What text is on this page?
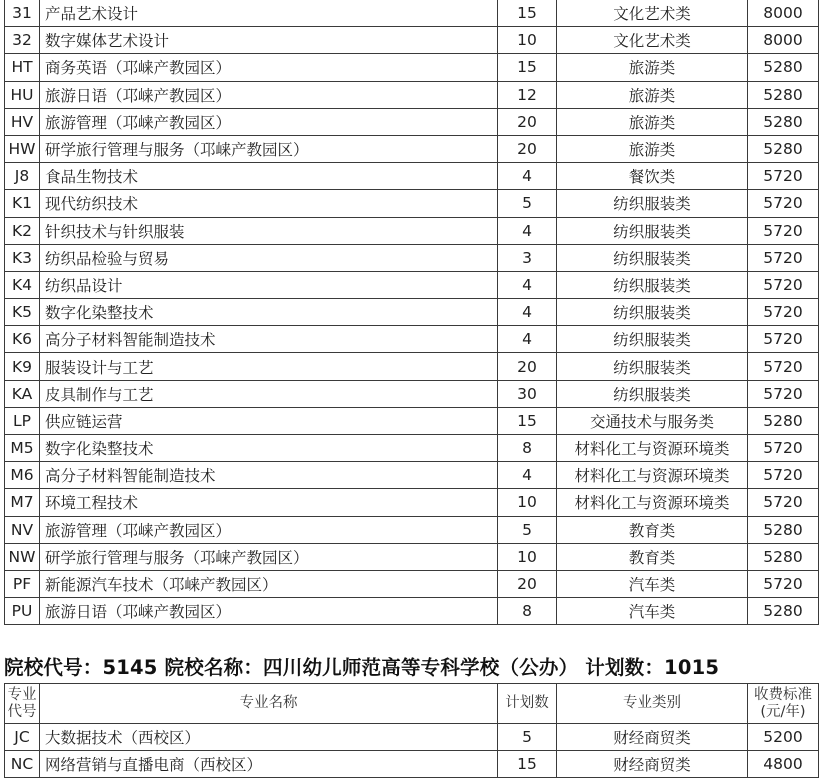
31	产品艺术设计	15	文化艺术类	8000
32	数字媒体艺术设计	10	文化艺术类	8000
HT	商务英语（邛崃产教园区）	15	旅游类	5280
HU	旅游日语（邛崃产教园区）	12	旅游类	5280
HV	旅游管理（邛崃产教园区）	20	旅游类	5280
HW	研学旅行管理与服务（邛崃产教园区）	20	旅游类	5280
J8	食品生物技术	4	餐饮类	5720
K1	现代纺织技术	5	纺织服装类	5720
K2	针织技术与针织服装	4	纺织服装类	5720
K3	纺织品检验与贸易	3	纺织服装类	5720
K4	纺织品设计	4	纺织服装类	5720
K5	数字化染整技术	4	纺织服装类	5720
K6	高分子材料智能制造技术	4	纺织服装类	5720
K9	服装设计与工艺	20	纺织服装类	5720
KA	皮具制作与工艺	30	纺织服装类	5720
LP	供应链运营	15	交通技术与服务类	5280
M5	数字化染整技术	8	材料化工与资源环境类	5720
M6	高分子材料智能制造技术	4	材料化工与资源环境类	5720
M7	环境工程技术	10	材料化工与资源环境类	5720
NV	旅游管理（邛崃产教园区）	5	教育类	5280
NW	研学旅行管理与服务（邛崃产教园区）	10	教育类	5280
PF	新能源汽车技术（邛崃产教园区）	20	汽车类	5720
PU	旅游日语（邛崃产教园区）	8	汽车类	5280
院校代号：5145 院校名称：四川幼儿师范高等专科学校（公办） 计划数：1015
专业
代号	专业名称	计划数	专业类别	收费标准
(元/年)
JC	大数据技术（西校区）	5	财经商贸类	5200
NC	网络营销与直播电商（西校区）	15	财经商贸类	4800
